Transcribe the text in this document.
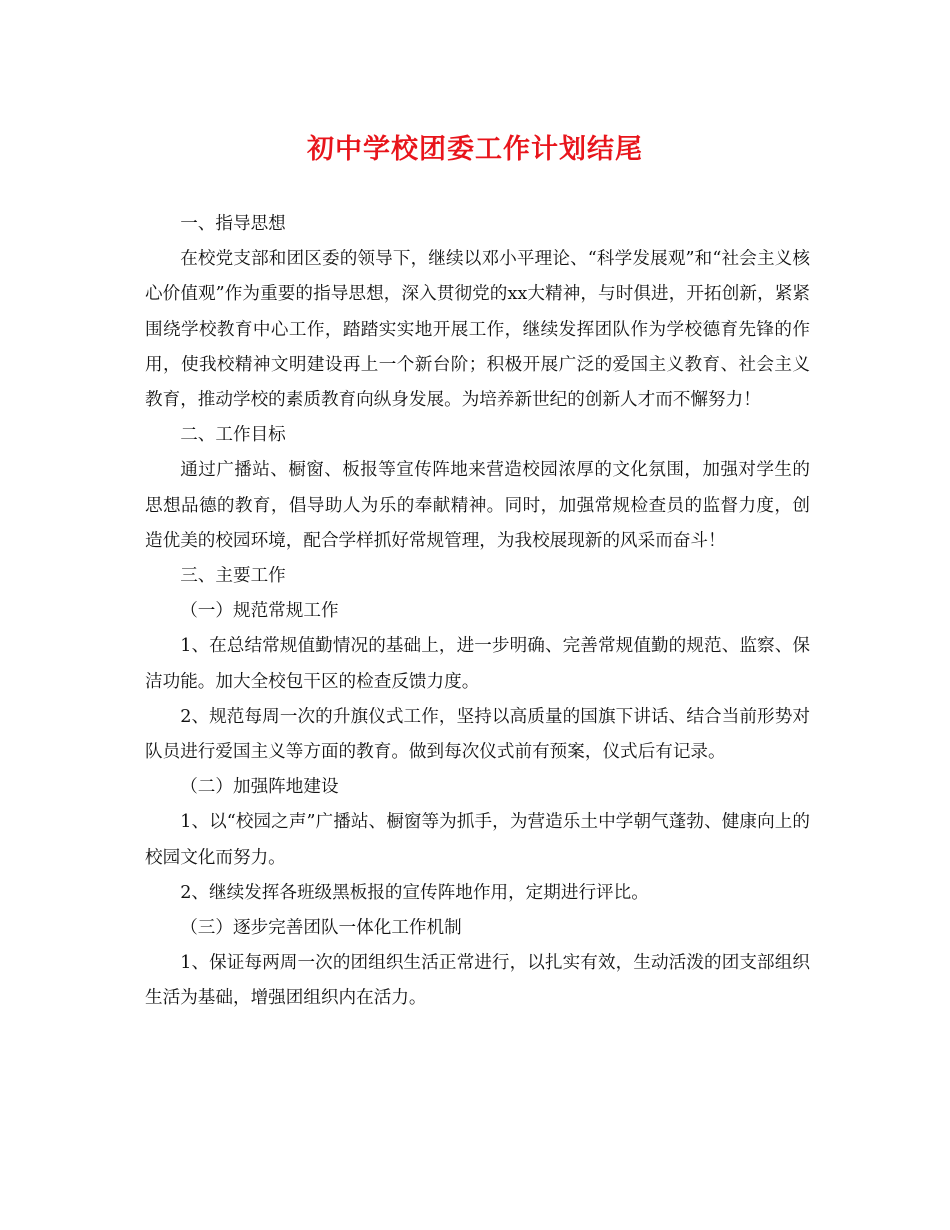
初中学校团委工作计划结尾

一、指导思想

在校党支部和团区委的领导下，继续以邓小平理论、“科学发展观”和“社会主义核心价值观”作为重要的指导思想，深入贯彻党的xx大精神，与时俱进，开拓创新，紧紧围绕学校教育中心工作，踏踏实实地开展工作，继续发挥团队作为学校德育先锋的作用，使我校精神文明建设再上一个新台阶；积极开展广泛的爱国主义教育、社会主义教育，推动学校的素质教育向纵身发展。为培养新世纪的创新人才而不懈努力！

二、工作目标

通过广播站、橱窗、板报等宣传阵地来营造校园浓厚的文化氛围，加强对学生的思想品德的教育，倡导助人为乐的奉献精神。同时，加强常规检查员的监督力度，创造优美的校园环境，配合学样抓好常规管理，为我校展现新的风采而奋斗！

三、主要工作

（一）规范常规工作

1、在总结常规值勤情况的基础上，进一步明确、完善常规值勤的规范、监察、保洁功能。加大全校包干区的检查反馈力度。

2、规范每周一次的升旗仪式工作，坚持以高质量的国旗下讲话、结合当前形势对队员进行爱国主义等方面的教育。做到每次仪式前有预案，仪式后有记录。

（二）加强阵地建设

1、以“校园之声”广播站、橱窗等为抓手，为营造乐土中学朝气蓬勃、健康向上的校园文化而努力。

2、继续发挥各班级黑板报的宣传阵地作用，定期进行评比。

（三）逐步完善团队一体化工作机制

1、保证每两周一次的团组织生活正常进行，以扎实有效，生动活泼的团支部组织生活为基础，增强团组织内在活力。
